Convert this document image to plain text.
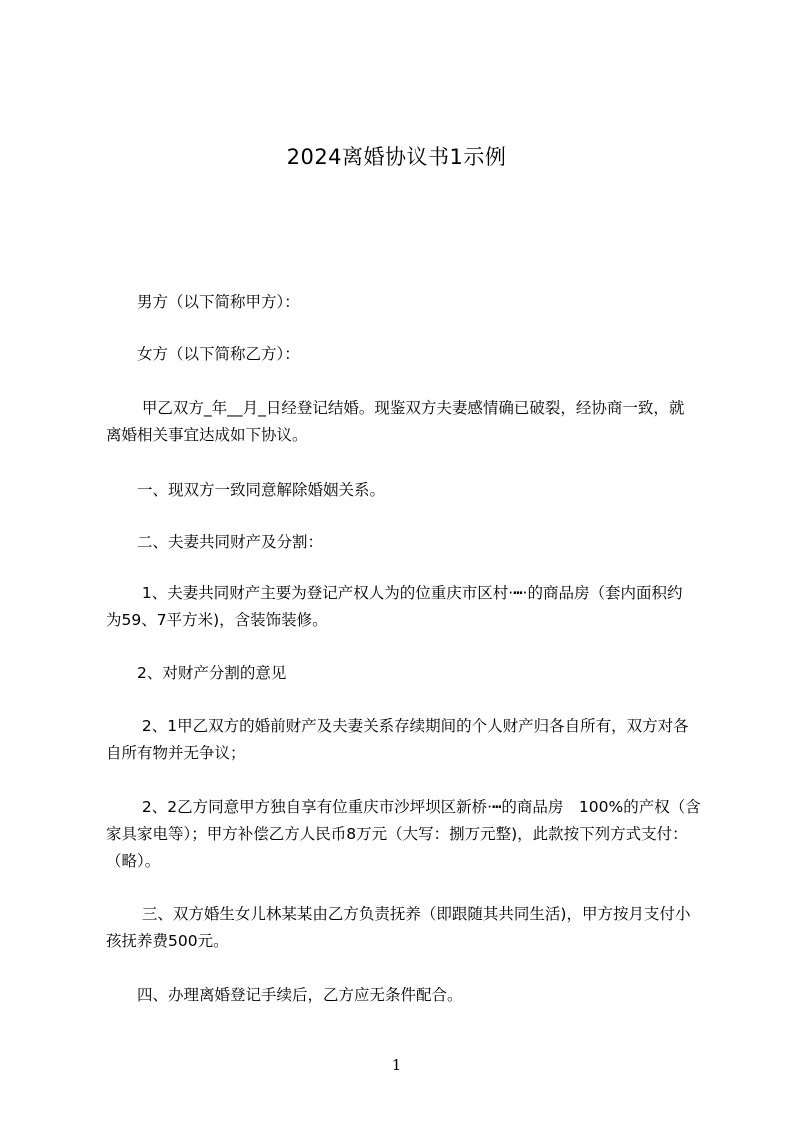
2024离婚协议书1示例
　　男方（以下简称甲方）：
　　女方（以下简称乙方）：
　　 甲乙双方_年__月_日经登记结婚。现鉴双方夫妻感情确已破裂，经协商一致，就
离婚相关事宜达成如下协议。
　　一、现双方一致同意解除婚姻关系。
　　二、夫妻共同财产及分割：
　　 1、夫妻共同财产主要为登记产权人为的位重庆市区村·┅·的商品房（套内面积约
为59、7平方米)，含装饰装修。
　　2、对财产分割的意见
　　 2、1甲乙双方的婚前财产及夫妻关系存续期间的个人财产归各自所有，双方对各
自所有物并无争议；
　　 2、2乙方同意甲方独自享有位重庆市沙坪坝区新桥·┅的商品房　100%的产权（含
家具家电等）；甲方补偿乙方人民币8万元（大写：捌万元整)，此款按下列方式支付：
（略）。
　　 三、双方婚生女儿林某某由乙方负责抚养（即跟随其共同生活)，甲方按月支付小
孩抚养费500元。
　　四、办理离婚登记手续后，乙方应无条件配合。
1
